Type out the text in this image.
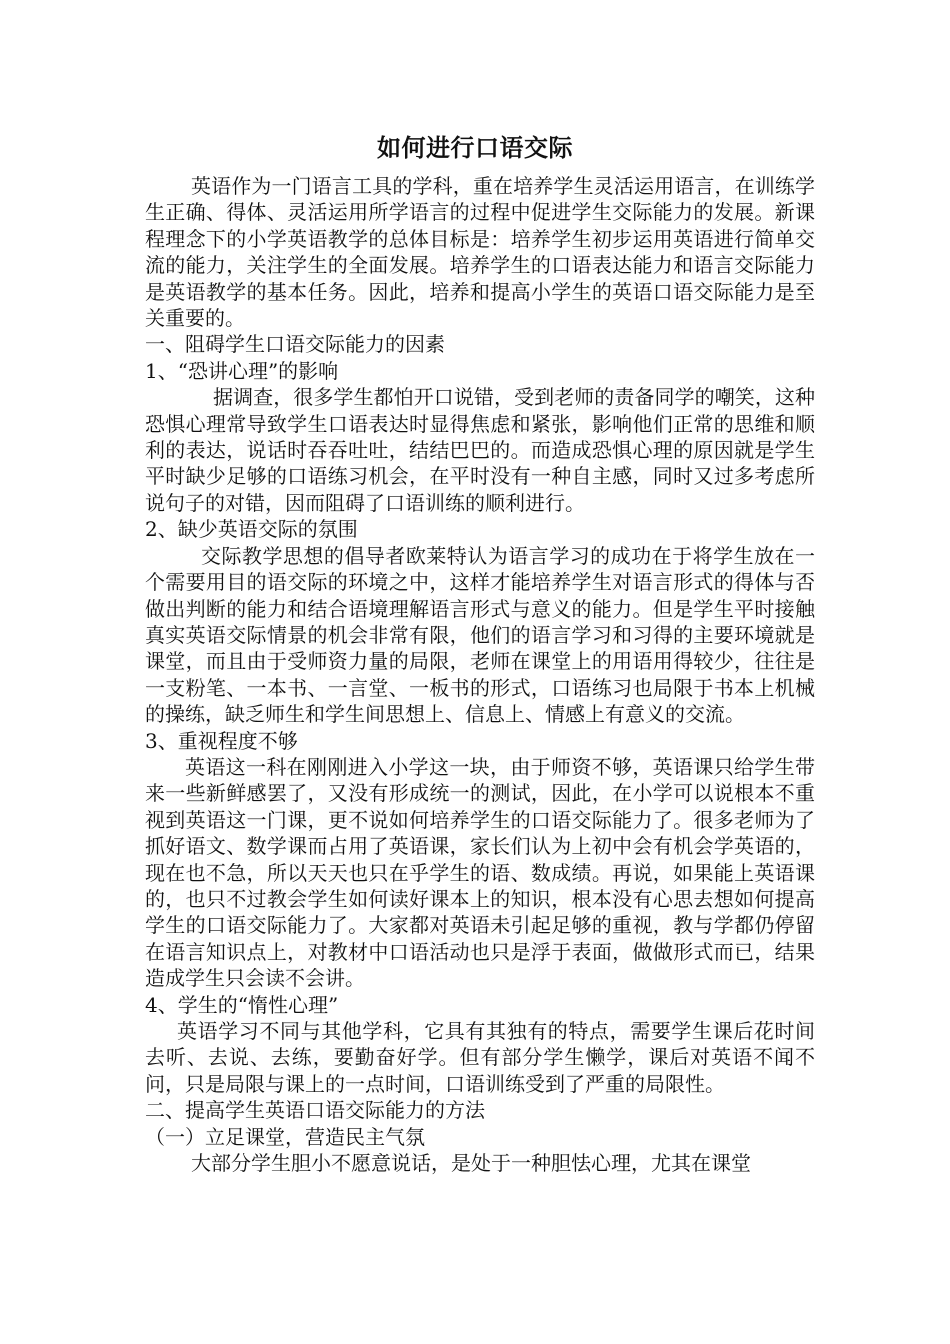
如何进行口语交际

英语作为一门语言工具的学科，重在培养学生灵活运用语言，在训练学生正确、得体、灵活运用所学语言的过程中促进学生交际能力的发展。新课程理念下的小学英语教学的总体目标是：培养学生初步运用英语进行简单交流的能力，关注学生的全面发展。培养学生的口语表达能力和语言交际能力是英语教学的基本任务。因此，培养和提高小学生的英语口语交际能力是至关重要的。

一、阻碍学生口语交际能力的因素

1、“恐讲心理”的影响

据调查，很多学生都怕开口说错，受到老师的责备同学的嘲笑，这种恐惧心理常导致学生口语表达时显得焦虑和紧张，影响他们正常的思维和顺利的表达，说话时吞吞吐吐，结结巴巴的。而造成恐惧心理的原因就是学生平时缺少足够的口语练习机会，在平时没有一种自主感，同时又过多考虑所说句子的对错，因而阻碍了口语训练的顺利进行。

2、缺少英语交际的氛围

交际教学思想的倡导者欧莱特认为语言学习的成功在于将学生放在一个需要用目的语交际的环境之中，这样才能培养学生对语言形式的得体与否做出判断的能力和结合语境理解语言形式与意义的能力。但是学生平时接触真实英语交际情景的机会非常有限，他们的语言学习和习得的主要环境就是课堂，而且由于受师资力量的局限，老师在课堂上的用语用得较少，往往是一支粉笔、一本书、一言堂、一板书的形式，口语练习也局限于书本上机械的操练，缺乏师生和学生间思想上、信息上、情感上有意义的交流。

3、重视程度不够

英语这一科在刚刚进入小学这一块，由于师资不够，英语课只给学生带来一些新鲜感罢了，又没有形成统一的测试，因此，在小学可以说根本不重视到英语这一门课，更不说如何培养学生的口语交际能力了。很多老师为了抓好语文、数学课而占用了英语课，家长们认为上初中会有机会学英语的，现在也不急，所以天天也只在乎学生的语、数成绩。再说，如果能上英语课的，也只不过教会学生如何读好课本上的知识，根本没有心思去想如何提高学生的口语交际能力了。大家都对英语未引起足够的重视，教与学都仍停留在语言知识点上，对教材中口语活动也只是浮于表面，做做形式而已，结果造成学生只会读不会讲。

4、学生的“惰性心理”

英语学习不同与其他学科，它具有其独有的特点，需要学生课后花时间去听、去说、去练，要勤奋好学。但有部分学生懒学，课后对英语不闻不问，只是局限与课上的一点时间，口语训练受到了严重的局限性。

二、提高学生英语口语交际能力的方法

（一）立足课堂，营造民主气氛

大部分学生胆小不愿意说话，是处于一种胆怯心理，尤其在课堂
